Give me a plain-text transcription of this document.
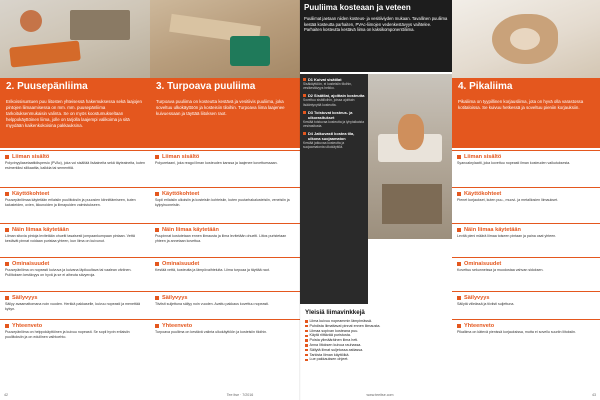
2. Puusepänliima	3. Turpoava puuliima
Erikoissisuntuen puu liitosten yhteisessä hakemuksessa sekä laajojen pintojen liimaamisessa on mm. mm. puusepänliima tarkoituksenmukaisin valinta. Se on myös koostumukseltaan helppokäyttöinen liima, jolle on tarjolla laajempi valikoima ja sitä myydään kaikenkokoisina pakkauksina.
Turpoava puuliima on kosteutta kestävä ja vesitiivis puuliima, joka soveltuu ulkokäyttöön ja kosteisiin tiloihin. Turpoava liima laajenee kuivuessaan ja täyttää liitoksen raot.
Liiman sisältö
Polyvinyyliasetaattidispersio (PVAc), joka voi sisältää lisäaineita sekä täyteaineita, kuten esimerkiksi silikaattia, kalkkia tai sementtiä.
Käyttökohteet
Puusepänliimaa käytetään erilaisiin puuliitoksiin ja puuosien kiinnittämiseen, kuten kalusteiden, ovien, ikkunoiden ja liimapuiden valmistukseen.
Näin liimaa käytetään
Liiman sitovia pintoja levitetään ohuelti tasaisesti jompaankumpaan pintaan. Vettä kestävät pinnat voidaan puristaa yhteen, kun liima on kuivunut.
Ominaisuudet
Puusepänliima on nopeasti kuivuva ja kuivana läpikuultava tai vaalean väriinen. Puliitoksen kestävyys on hyvä ja se ei aiheuta sävyeroja.
Säilyvyys
Säilyy avaamattomana noin vuoden. Herkkä pakkaselle, kuivuu nopeasti ja menettää kykyn.
Yhteenveto
Puusepänliima on helppokäyttöinen ja kuivuu nopeasti. Se sopii hyvin erilaisiin puuliitoksiin ja on edullinen vaihtoehto.
Liiman sisältö
Polyuretaani, joka reagoi ilman kosteuden kanssa ja laajenee kovettuessaan.
Käyttökohteet
Sopii erilaisiin ulkoisiin ja kosteisiin kohteisiin, kuten puutarhakalusteisiin, veneisiin ja kylpyhuoneisiin.
Näin liimaa käytetään
Puupinnat kostutetaan ennen liimausta ja liima levitetään ohuelti. Liitos puristetaan yhteen ja annetaan kovettua.
Ominaisuudet
Kestää vettä, kosteutta ja lämpövaihteluita. Liima turpoaa ja täyttää raot.
Säilyvyys
Tiiviisti suljettuna säilyy noin vuoden. Avattu pakkaus kovettuu nopeasti.
Yhteenveto
Turpoava puuliima on kestävä valinta ulkokäyttöön ja kosteisiin tiloihin.
Puuliima kosteaan ja veteen
Puuliimat jaetaan niiden kosteus- ja vesitiiviyden mukaan. Tavallinen puuliima kestää kosteutta parhaiten, PVAc-liimojen vedenkestävyys vaihtelee. Parhaiten kosteutta kestävä liima on kaksikomponenttiliima.
D1 Kuivat sisätilat
Sisäkäyttöön, ei kosteisiin tiloihin, vesikestävyys heikko.
D2 Sisätilat, ajoittain kosteutta
Soveltuu sisätiloihin, joissa ajoittain lisääntynyttä kosteutta.
D3 Toistuvat kosteus- ja ulkorasitukset
Kestää toistuvaa kosteutta ja lyhytaikaista vesirasitusta.
D4 Jatkuvasti kostea tila, ulkona suojaamaton
Kestää jatkuvaa kosteutta ja suojaamatonta ulkokäyttöä.
Yleisiä liimavinkkejä
Liima kuivuu nopeammin lämpimässä.
Puhdista liimattavat pinnat ennen liimausta.
Liimaa sopivan kosteana puu.
Käytä riittävää puristusta.
Poista ylimääräinen liima heti.
Anna liitoksen kuivua rauhassa.
Säilytä liimat suljetussa astiassa.
Tarkista liiman käyttöikä.
Lue pakkauksen ohjeet.
4. Pikaliima
Pikaliima on tyypillinen korjausliima, jota on hyvä olla varastossa kotitaloissa. Se kuivuu hetkessä ja soveltuu pieniin korjauksiin.
Liiman sisältö
Syanoakrylaatti, joka kovettuu nopeasti ilman kosteuden vaikutuksesta.
Käyttökohteet
Pienet korjaukset, kuten puu-, muovi- ja metalliosien liimaukset.
Näin liimaa käytetään
Levitä pieni määrä liimaa toiseen pintaan ja paina osat yhteen.
Ominaisuudet
Kovettuu sekunneissa ja muodostaa vahvan sidoksen.
Säilyvyys
Säilytä viileässä ja tiiviisti suljettuna.
Yhteenveto
Pikaliima on kätevä pienissä korjauksissa, mutta ei sovellu suuriin liitoksiin.
42	Tee itse · 7/2016	www.teeitse.com	43
